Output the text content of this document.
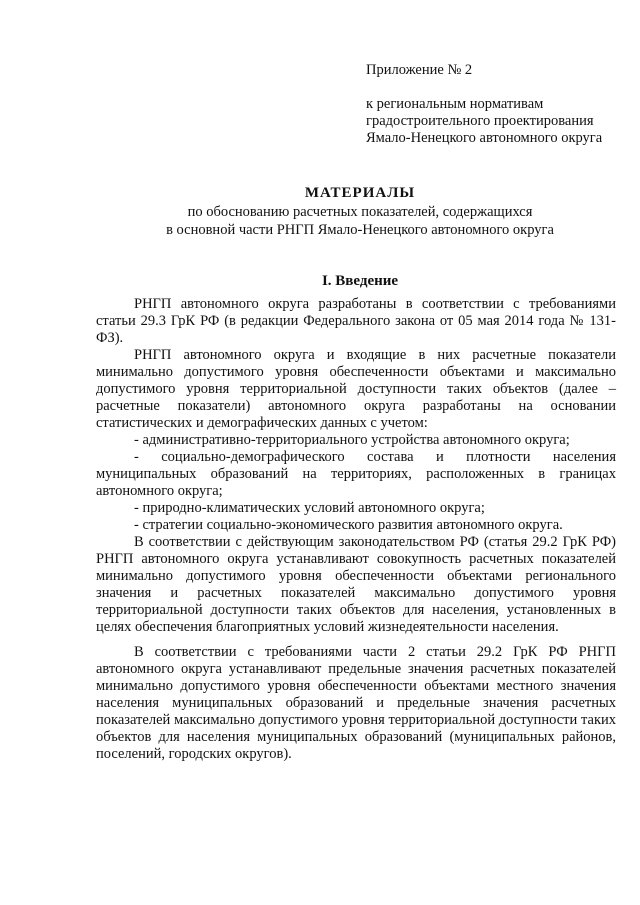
Приложение № 2
к региональным нормативам
градостроительного проектирования
Ямало-Ненецкого автономного округа
МАТЕРИАЛЫ
по обоснованию расчетных показателей, содержащихся
в основной части РНГП Ямало-Ненецкого автономного округа
I. Введение

РНГП автономного округа разработаны в соответствии с требованиями статьи 29.3 ГрК РФ (в редакции Федерального закона от 05 мая 2014 года № 131-ФЗ).

РНГП автономного округа и входящие в них расчетные показатели минимально допустимого уровня обеспеченности объектами и максимально допустимого уровня территориальной доступности таких объектов (далее – расчетные показатели) автономного округа разработаны на основании статистических и демографических данных с учетом:

- административно-территориального устройства автономного округа;

- социально-демографического состава и плотности населения муниципальных образований на территориях, расположенных в границах автономного округа;

- природно-климатических условий автономного округа;

- стратегии социально-экономического развития автономного округа.

В соответствии с действующим законодательством РФ (статья 29.2 ГрК РФ) РНГП автономного округа устанавливают совокупность расчетных показателей минимально допустимого уровня обеспеченности объектами регионального значения и расчетных показателей максимально допустимого уровня территориальной доступности таких объектов для населения, установленных в целях обеспечения благоприятных условий жизнедеятельности населения.

В соответствии с требованиями части 2 статьи 29.2 ГрК РФ РНГП автономного округа устанавливают предельные значения расчетных показателей минимально допустимого уровня обеспеченности объектами местного значения населения муниципальных образований и предельные значения расчетных показателей максимально допустимого уровня территориальной доступности таких объектов для населения муниципальных образований (муниципальных районов, поселений, городских округов).
